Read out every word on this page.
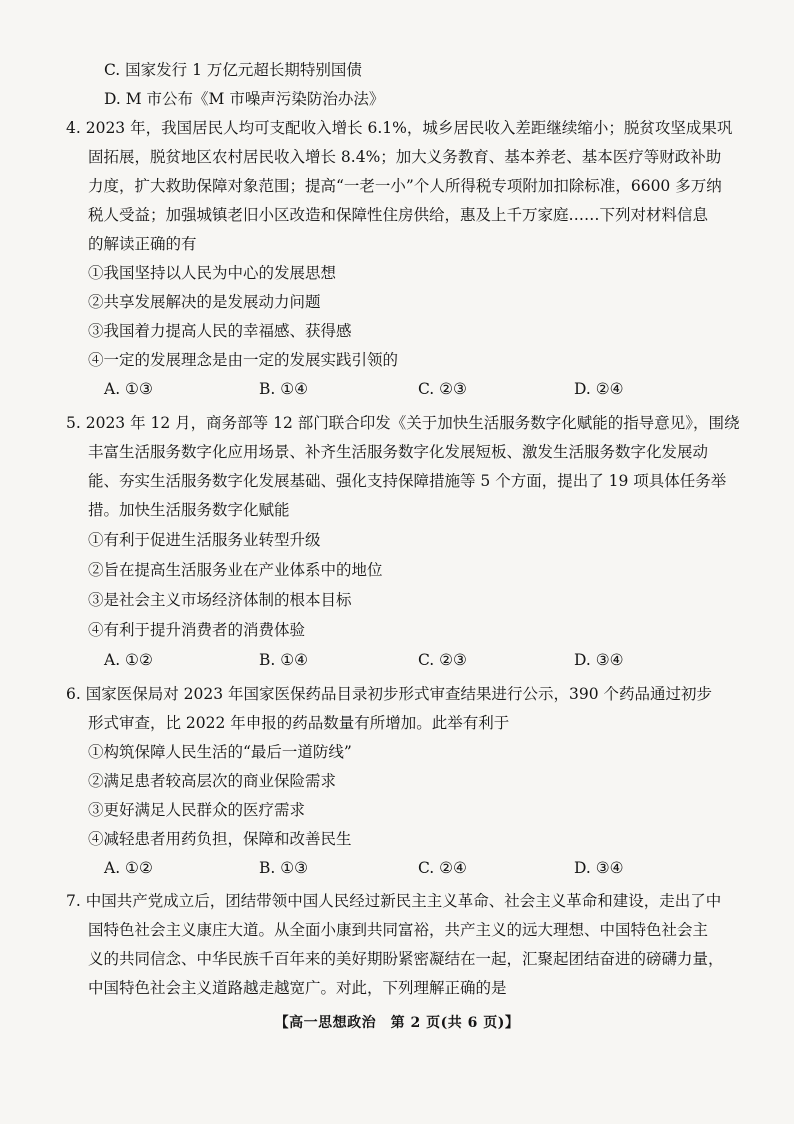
C. 国家发行 1 万亿元超长期特别国债
D. M 市公布《M 市噪声污染防治办法》
4. 2023 年，我国居民人均可支配收入增长 6.1%，城乡居民收入差距继续缩小；脱贫攻坚成果巩
固拓展，脱贫地区农村居民收入增长 8.4%；加大义务教育、基本养老、基本医疗等财政补助
力度，扩大救助保障对象范围；提高“一老一小”个人所得税专项附加扣除标准，6600 多万纳
税人受益；加强城镇老旧小区改造和保障性住房供给，惠及上千万家庭……下列对材料信息
的解读正确的有
①我国坚持以人民为中心的发展思想
②共享发展解决的是发展动力问题
③我国着力提高人民的幸福感、获得感
④一定的发展理念是由一定的发展实践引领的
A. ①③	B. ①④	C. ②③	D. ②④
5. 2023 年 12 月，商务部等 12 部门联合印发《关于加快生活服务数字化赋能的指导意见》，围绕
丰富生活服务数字化应用场景、补齐生活服务数字化发展短板、激发生活服务数字化发展动
能、夯实生活服务数字化发展基础、强化支持保障措施等 5 个方面，提出了 19 项具体任务举
措。加快生活服务数字化赋能
①有利于促进生活服务业转型升级
②旨在提高生活服务业在产业体系中的地位
③是社会主义市场经济体制的根本目标
④有利于提升消费者的消费体验
A. ①②	B. ①④	C. ②③	D. ③④
6. 国家医保局对 2023 年国家医保药品目录初步形式审查结果进行公示，390 个药品通过初步
形式审查，比 2022 年申报的药品数量有所增加。此举有利于
①构筑保障人民生活的“最后一道防线”
②满足患者较高层次的商业保险需求
③更好满足人民群众的医疗需求
④减轻患者用药负担，保障和改善民生
A. ①②	B. ①③	C. ②④	D. ③④
7. 中国共产党成立后，团结带领中国人民经过新民主主义革命、社会主义革命和建设，走出了中
国特色社会主义康庄大道。从全面小康到共同富裕，共产主义的远大理想、中国特色社会主
义的共同信念、中华民族千百年来的美好期盼紧密凝结在一起，汇聚起团结奋进的磅礴力量，
中国特色社会主义道路越走越宽广。对此，下列理解正确的是
【高一思想政治　第 2 页(共 6 页)】
